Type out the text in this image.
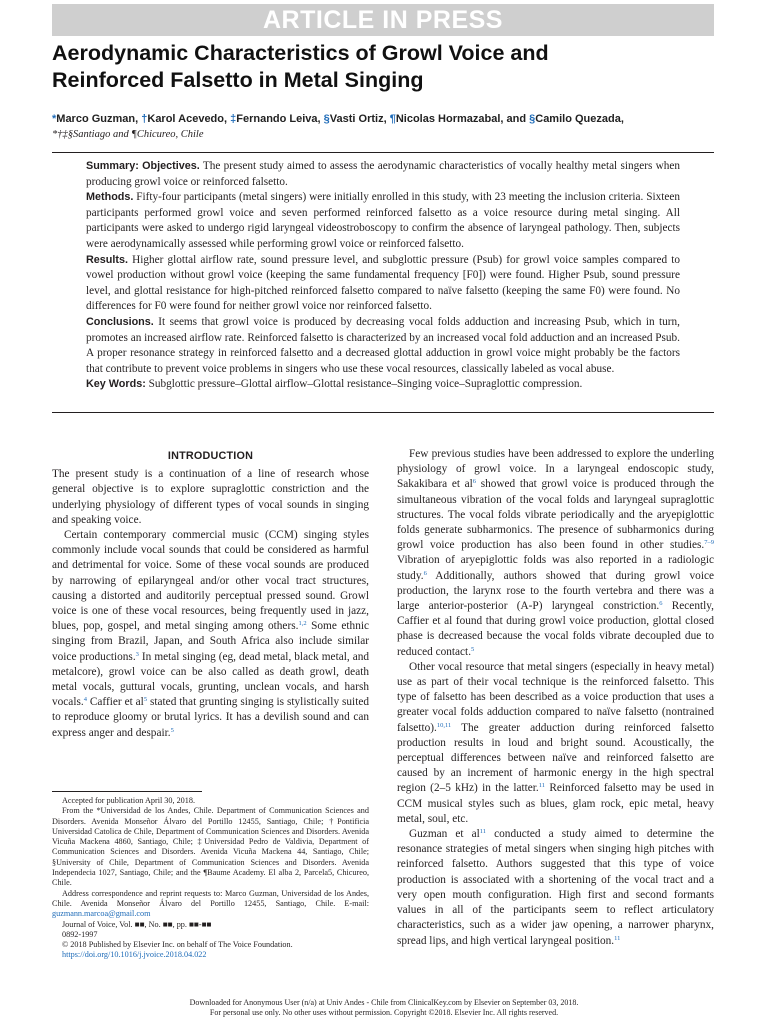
ARTICLE IN PRESS
Aerodynamic Characteristics of Growl Voice and
Reinforced Falsetto in Metal Singing
*Marco Guzman, †Karol Acevedo, ‡Fernando Leiva, §Vasti Ortiz, ¶Nicolas Hormazabal, and §Camilo Quezada,
*†‡§Santiago and ¶Chicureo, Chile

Summary: Objectives. The present study aimed to assess the aerodynamic characteristics of vocally healthy metal singers when producing growl voice or reinforced falsetto.

Methods. Fifty-four participants (metal singers) were initially enrolled in this study, with 23 meeting the inclusion criteria. Sixteen participants performed growl voice and seven performed reinforced falsetto as a voice resource during metal singing. All participants were asked to undergo rigid laryngeal videostroboscopy to confirm the absence of laryngeal pathology. Then, subjects were aerodynamically assessed while performing growl voice or reinforced falsetto.

Results. Higher glottal airflow rate, sound pressure level, and subglottic pressure (Psub) for growl voice samples compared to vowel production without growl voice (keeping the same fundamental frequency [F0]) were found. Higher Psub, sound pressure level, and glottal resistance for high-pitched reinforced falsetto compared to naïve falsetto (keeping the same F0) were found. No differences for F0 were found for neither growl voice nor reinforced falsetto.

Conclusions. It seems that growl voice is produced by decreasing vocal folds adduction and increasing Psub, which in turn, promotes an increased airflow rate. Reinforced falsetto is characterized by an increased vocal fold adduction and an increased Psub. A proper resonance strategy in reinforced falsetto and a decreased glottal adduction in growl voice might probably be the factors that contribute to prevent voice problems in singers who use these vocal resources, classically labeled as vocal abuse.

Key Words: Subglottic pressure–Glottal airflow–Glottal resistance–Singing voice–Supraglottic compression.

INTRODUCTION

The present study is a continuation of a line of research whose general objective is to explore supraglottic constriction and the underlying physiology of different types of vocal sounds in singing and speaking voice.

Certain contemporary commercial music (CCM) singing styles commonly include vocal sounds that could be considered as harmful and detrimental for voice. Some of these vocal sounds are produced by narrowing of epilaryngeal and/or other vocal tract structures, causing a distorted and auditorily perceptual pressed sound. Growl voice is one of these vocal resources, being frequently used in jazz, blues, pop, gospel, and metal singing among others.$^{1,2}$ Some ethnic singing from Brazil, Japan, and South Africa also include similar voice productions.$^3$ In metal singing (eg, dead metal, black metal, and metalcore), growl voice can be also called as death growl, death metal vocals, guttural vocals, grunting, unclean vocals, and harsh vocals.$^4$ Caffier et $al^5$ stated that grunting singing is stylistically suited to reproduce gloomy or brutal lyrics. It has a devilish sound and can express anger and despair.$^5$

Few previous studies have been addressed to explore the underling physiology of growl voice. In a laryngeal endoscopic study, Sakakibara et $al^6$ showed that growl voice is produced through the simultaneous vibration of the vocal folds and laryngeal supraglottic structures. The vocal folds vibrate periodically and the aryepiglottic folds generate subharmonics. The presence of subharmonics during growl voice production has also been found in other studies.$^{7-9}$ Vibration of aryepiglottic folds was also reported in a radiologic study.$^6$ Additionally, authors showed that during growl voice production, the larynx rose to the fourth vertebra and there was a large anterior-posterior (A-P) laryngeal constriction.$^6$ Recently, Caffier et al found that during growl voice production, glottal closed phase is decreased because the vocal folds vibrate decoupled due to reduced contact.$^5$

Other vocal resource that metal singers (especially in heavy metal) use as part of their vocal technique is the reinforced falsetto. This type of falsetto has been described as a voice production that uses a greater vocal folds adduction compared to naïve falsetto (nontrained falsetto).$^{10,11}$ The greater adduction during reinforced falsetto production results in loud and bright sound. Acoustically, the perceptual differences between naïve and reinforced falsetto are caused by an increment of harmonic energy in the high spectral region (2–5 kHz) in the latter.$^{11}$ Reinforced falsetto may be used in CCM musical styles such as blues, glam rock, epic metal, heavy metal, soul, etc.

Guzman et $al^{11}$ conducted a study aimed to determine the resonance strategies of metal singers when singing high pitches with reinforced falsetto. Authors suggested that this type of voice production is associated with a shortening of the vocal tract and a very open mouth configuration. High first and second formants values in all of the participants seem to reflect articulatory characteristics, such as a wider jaw opening, a narrower pharynx, spread lips, and high vertical laryngeal position.$^{11}$

Accepted for publication April 30, 2018.

From the *Universidad de los Andes, Chile. Department of Communication Sciences and Disorders. Avenida Monseñor Álvaro del Portillo 12455, Santiago, Chile; †Pontificia Universidad Catolica de Chile, Department of Communication Sciences and Disorders. Avenida Vicuña Mackena 4860, Santiago, Chile; ‡Universidad Pedro de Valdivia, Department of Communication Sciences and Disorders. Avenida Vicuña Mackena 44, Santiago, Chile; §University of Chile, Department of Communication Sciences and Disorders. Avenida Independecia 1027, Santiago, Chile; and the ¶Baume Academy. El alba 2, Parcela5, Chicureo, Chile.

Address correspondence and reprint requests to: Marco Guzman, Universidad de los Andes, Chile. Avenida Monseñor Álvaro del Portillo 12455, Santiago, Chile. E-mail: guzmann.marcoa@gmail.com

Journal of Voice, Vol. ■■, No. ■■, pp. ■■-■■

0892-1997

© 2018 Published by Elsevier Inc. on behalf of The Voice Foundation.

https://doi.org/10.1016/j.jvoice.2018.04.022

Downloaded for Anonymous User (n/a) at Univ Andes - Chile from ClinicalKey.com by Elsevier on September 03, 2018.
For personal use only. No other uses without permission. Copyright ©2018. Elsevier Inc. All rights reserved.
